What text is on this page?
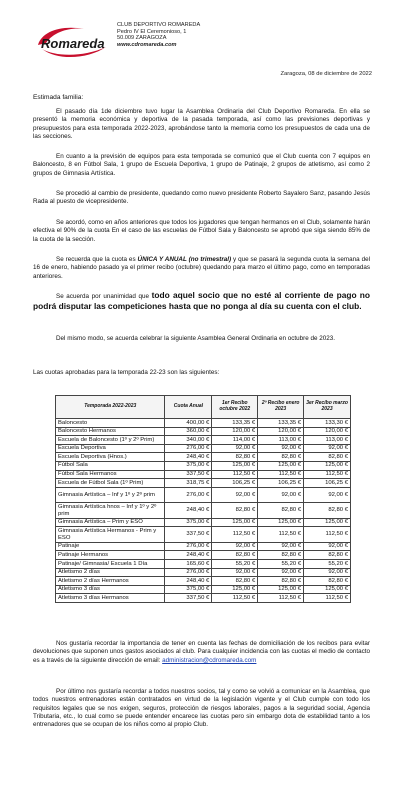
Romareda
CLUB DEPORTIVO ROMAREDA
Pedro IV El Ceremonioso, 1
50.009 ZARAGOZA
www.cdromareda.com
Zaragoza, 08 de diciembre de 2022
Estimada familia:
El pasado día 1de diciembre tuvo lugar la Asamblea Ordinaria del Club Deportivo Romareda. En ella se presentó la memoria económica y deportiva de la pasada temporada, así como las previsiones deportivas y presupuestos para esta temporada 2022-2023, aprobándose tanto la memoria como los presupuestos de cada una de las secciones.
En cuanto a la previsión de equipos para esta temporada se comunicó que el Club cuenta con 7 equipos en Baloncesto, 8 en Fútbol Sala, 1 grupo de Escuela Deportiva, 1 grupo de Patinaje, 2 grupos de atletismo, así como 2 grupos de Gimnasia Artística.
Se procedió al cambio de presidente, quedando como nuevo presidente Roberto Sayalero Sanz, pasando Jesús Rada al puesto de vicepresidente.
Se acordó, como en años anteriores que todos los jugadores que tengan hermanos en el Club, solamente harán efectiva el 90% de la cuota En el caso de las escuelas de Fútbol Sala y Baloncesto se aprobó que siga siendo 85% de la cuota de la sección.
Se recuerda que la cuota es ÚNICA Y ANUAL (no trimestral) y que se pasará la segunda cuota la semana del 16 de enero, habiendo pasado ya el primer recibo (octubre) quedando para marzo el último pago, como en temporadas anteriores.
Se acuerda por unanimidad que todo aquel socio que no esté al corriente de pago no podrá disputar las competiciones hasta que no ponga al día su cuenta con el club.
Del mismo modo, se acuerda celebrar la siguiente Asamblea General Ordinaria en octubre de 2023.
Las cuotas aprobadas para la temporada 22-23 son las siguientes:
Temporada 2022-2023	Cuota Anual	1er Recibo octubre 2022	2º Recibo enero 2023	3er Recibo marzo 2023
Baloncesto	400,00 €	133,35 €	133,35 €	133,30 €
Baloncesto Hermanos	360,00 €	120,00 €	120,00 €	120,00 €
Escuela de Baloncesto (1º y 2º Prim)	340,00 €	114,00 €	113,00 €	113,00 €
Escuela Deportiva	276,00 €	92,00 €	92,00 €	92,00 €
Escuela Deportiva (Hnos.)	248,40 €	82,80 €	82,80 €	82,80 €
Fútbol Sala	375,00 €	125,00 €	125,00 €	125,00 €
Fútbol Sala Hermanos	337,50 €	112,50 €	112,50 €	112,50 €
Escuela de Fútbol Sala (1º Prim)	318,75 €	106,25 €	106,25 €	106,25 €
Gimnasia Artística – Inf y 1º y 2º prim	276,00 €	92,00 €	92,00 €	92,00 €
Gimnasia Artística hnos – Inf y 1º y 2º prim	248,40 €	82,80 €	82,80 €	82,80 €
Gimnasia Artística – Prim y ESO	375,00 €	125,00 €	125,00 €	125,00 €
Gimnasia Artística Hermanos - Prim y ESO	337,50 €	112,50 €	112,50 €	112,50 €
Patinaje	276,00 €	92,00 €	92,00 €	92,00 €
Patinaje Hermanos	248,40 €	82,80 €	82,80 €	82,80 €
Patinaje/ Gimnasia/ Escuela 1 Día	165,60 €	55,20 €	55,20 €	55,20 €
Atletismo 2 días	276,00 €	92,00 €	92,00 €	92,00 €
Atletismo 2 días Hermanos	248,40 €	82,80 €	82,80 €	82,80 €
Atletismo 3 días	375,00 €	125,00 €	125,00 €	125,00 €
Atletismo 3 días Hermanos	337,50 €	112,50 €	112,50 €	112,50 €
Nos gustaría recordar la importancia de tener en cuenta las fechas de domiciliación de los recibos para evitar devoluciones que suponen unos gastos asociados al club. Para cualquier incidencia con las cuotas el medio de contacto es a través de la siguiente dirección de email: administracion@cdromareda.com
Por último nos gustaría recordar a todos nuestros socios, tal y como se volvió a comunicar en la Asamblea, que todos nuestros entrenadores están contratados en virtud de la legislación vigente y el Club cumple con todo los requisitos legales que se nos exigen, seguros, protección de riesgos laborales, pagos a la seguridad social, Agencia Tributaria, etc., lo cual como se puede entender encarece las cuotas pero sin embargo dota de estabilidad tanto a los entrenadores que se ocupan de los niños como al propio Club.
